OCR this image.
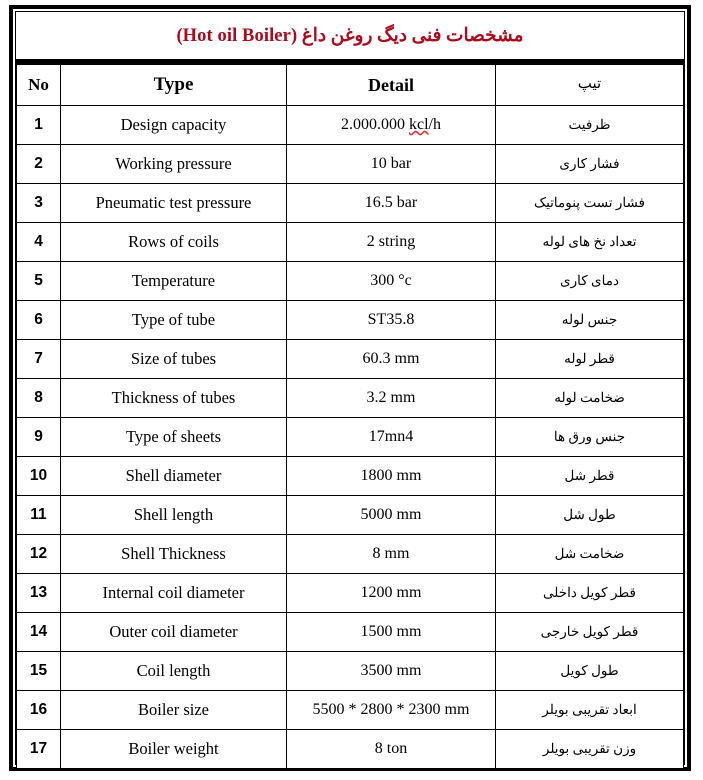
مشخصات فنی دیگ روغن داغ (Hot oil Boiler)
No	Type	Detail	تیپ
1	Design capacity	2.000.000 kcl/h	ظرفیت
2	Working pressure	10 bar	فشار کاری
3	Pneumatic test pressure	16.5 bar	فشار تست پنوماتیک
4	Rows of coils	2 string	تعداد نخ های لوله
5	Temperature	300 °c	دمای کاری
6	Type of tube	ST35.8	جنس لوله
7	Size of tubes	60.3 mm	قطر لوله
8	Thickness of tubes	3.2 mm	ضخامت لوله
9	Type of sheets	17mn4	جنس ورق ها
10	Shell diameter	1800 mm	قطر شل
11	Shell length	5000 mm	طول شل
12	Shell Thickness	8 mm	ضخامت شل
13	Internal coil diameter	1200 mm	قطر کویل داخلی
14	Outer coil diameter	1500 mm	قطر کویل خارجی
15	Coil length	3500 mm	طول کویل
16	Boiler size	5500 * 2800 * 2300 mm	ابعاد تقریبی بویلر
17	Boiler weight	8 ton	وزن تقریبی بویلر
